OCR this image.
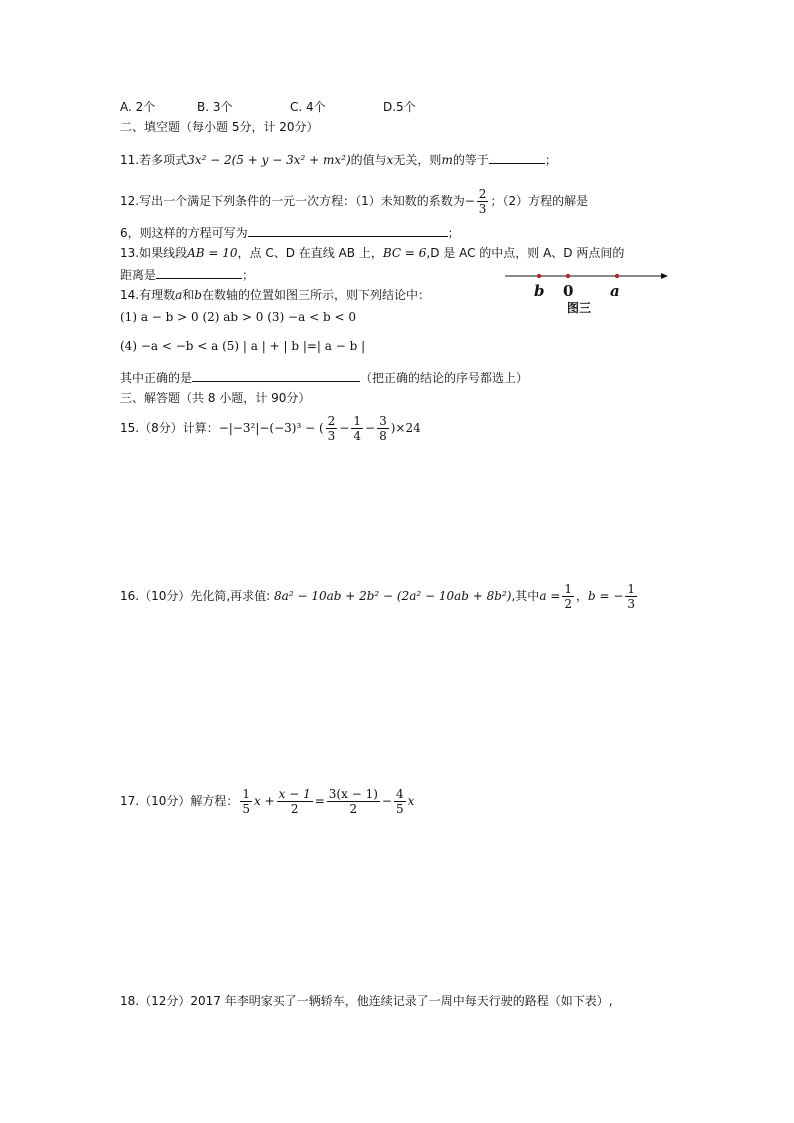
A. 2个	B. 3个	C. 4个	D.5个
二、填空题（每小题 5分，计 20分）
11.若多项式3x² − 2(5 + y − 3x² + mx²)的值与x无关，则m的等于	；
12.写出一个满足下列条件的一元一次方程：（1）未知数的系数为− $\frac{2}{3}$ ；（2）方程的解是
6，则这样的方程可写为	；
13.如果线段AB = 10，点 C、D 在直线 AB 上，BC = 6,D 是 AC 的中点，则 A、D 两点间的
距离是	；
14.有理数a和b在数轴的位置如图三所示，则下列结论中：
(1) a − b > 0 (2) ab > 0 (3) −a < b < 0
(4) −a < −b < a (5) | a | + | b |=| a − b |
其中正确的是	（把正确的结论的序号都选上）
b 0 a
图三
三、解答题（共 8 小题，计 90分）
15.（8分）计算：−|−3²|−(−3)³ − ( $\frac{2}{3} - \frac{1}{4} - \frac{3}{8} )\times 24$
16.（10分）先化简,再求值: 8a² − 10ab + 2b² − (2a² − 10ab + 8b²),其中$a = \frac{1}{2}$ ，b = − $\frac{1}{3}$
17.（10分）解方程： $\frac{1}{5}$ $x + \frac{x - 1}{2} = \frac{3(x - 1)}{2} - \frac{4}{5}$ x
18.（12分）2017 年李明家买了一辆轿车，他连续记录了一周中每天行驶的路程（如下表）,
